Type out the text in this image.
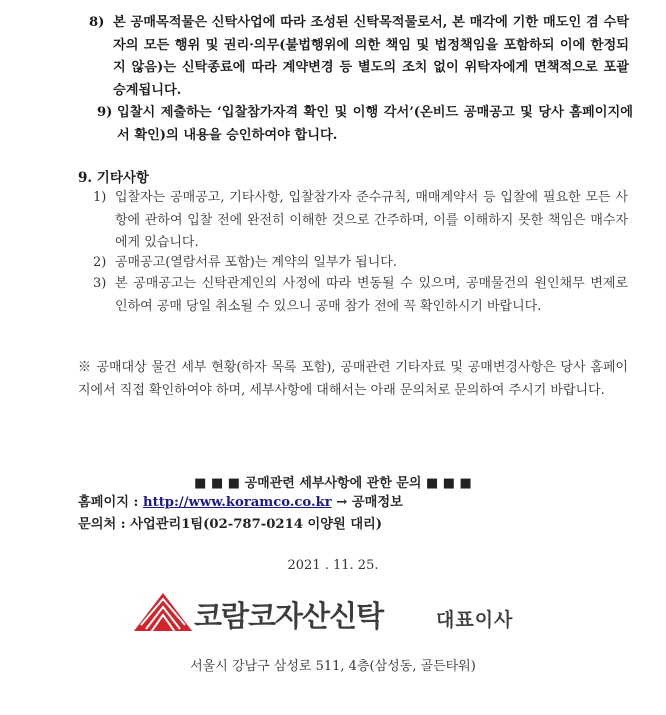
8) 본 공매목적물은 신탁사업에 따라 조성된 신탁목적물로서, 본 매각에 기한 매도인 겸 수탁자의 모든 행위 및 권리·의무(불법행위에 의한 책임 및 법정책임을 포함하되 이에 한정되지 않음)는 신탁종료에 따라 계약변경 등 별도의 조치 없이 위탁자에게 면책적으로 포괄 승계됩니다.
9) 입찰시 제출하는 ‘입찰참가자격 확인 및 이행 각서’(온비드 공매공고 및 당사 홈페이지에서 확인)의 내용을 승인하여야 합니다.
9. 기타사항
1) 입찰자는 공매공고, 기타사항, 입찰참가자 준수규칙, 매매계약서 등 입찰에 필요한 모든 사항에 관하여 입찰 전에 완전히 이해한 것으로 간주하며, 이를 이해하지 못한 책임은 매수자에게 있습니다.
2) 공매공고(열람서류 포함)는 계약의 일부가 됩니다.
3) 본 공매공고는 신탁관계인의 사정에 따라 변동될 수 있으며, 공매물건의 원인채무 변제로 인하여 공매 당일 취소될 수 있으니 공매 참가 전에 꼭 확인하시기 바랍니다.
※ 공매대상 물건 세부 현황(하자 목록 포함), 공매관련 기타자료 및 공매변경사항은 당사 홈페이지에서 직접 확인하여야 하며, 세부사항에 대해서는 아래 문의처로 문의하여 주시기 바랍니다.
■ ■ ■ 공매관련 세부사항에 관한 문의 ■ ■ ■
홈페이지 : http://www.koramco.co.kr → 공매정보
문의처 : 사업관리1팀(02-787-0214 이양원 대리)
2021 . 11. 25.
코람코자산신탁	대표이사
서울시 강남구 삼성로 511, 4층(삼성동, 골든타워)
